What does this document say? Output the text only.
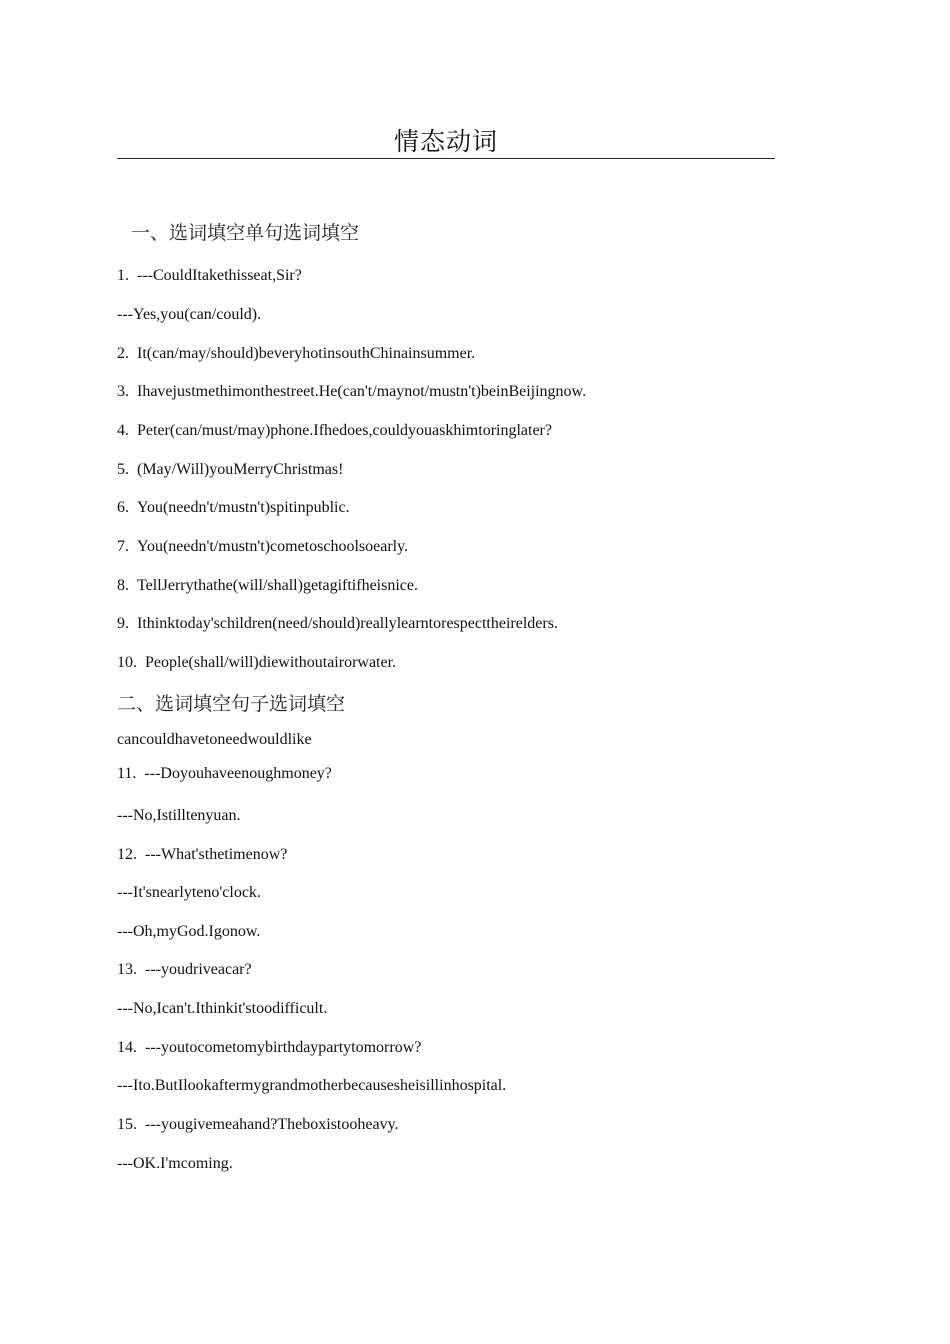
情态动词
一、选词填空单句选词填空
1. ---CouldItakethisseat,Sir?
---Yes,you(can/could).
2. It(can/may/should)beveryhotinsouthChinainsummer.
3. Ihavejustmethimonthestreet.He(can't/maynot/mustn't)beinBeijingnow.
4. Peter(can/must/may)phone.Ifhedoes,couldyouaskhimtoringlater?
5. (May/Will)youMerryChristmas!
6. You(needn't/mustn't)spitinpublic.
7. You(needn't/mustn't)cometoschoolsoearly.
8. TellJerrythathe(will/shall)getagiftifheisnice.
9. Ithinktoday'schildren(need/should)reallylearntorespecttheirelders.
10. People(shall/will)diewithoutairorwater.
二、选词填空句子选词填空
cancouldhavetoneedwouldlike
11. ---Doyouhaveenoughmoney?
---No,Istilltenyuan.
12. ---What'sthetimenow?
---It'snearlyteno'clock.
---Oh,myGod.Igonow.
13. ---youdriveacar?
---No,Ican't.Ithinkit'stoodifficult.
14. ---youtocometomybirthdaypartytomorrow?
---Ito.ButIlookaftermygrandmotherbecausesheisillinhospital.
15. ---yougivemeahand?Theboxistooheavy.
---OK.I'mcoming.
